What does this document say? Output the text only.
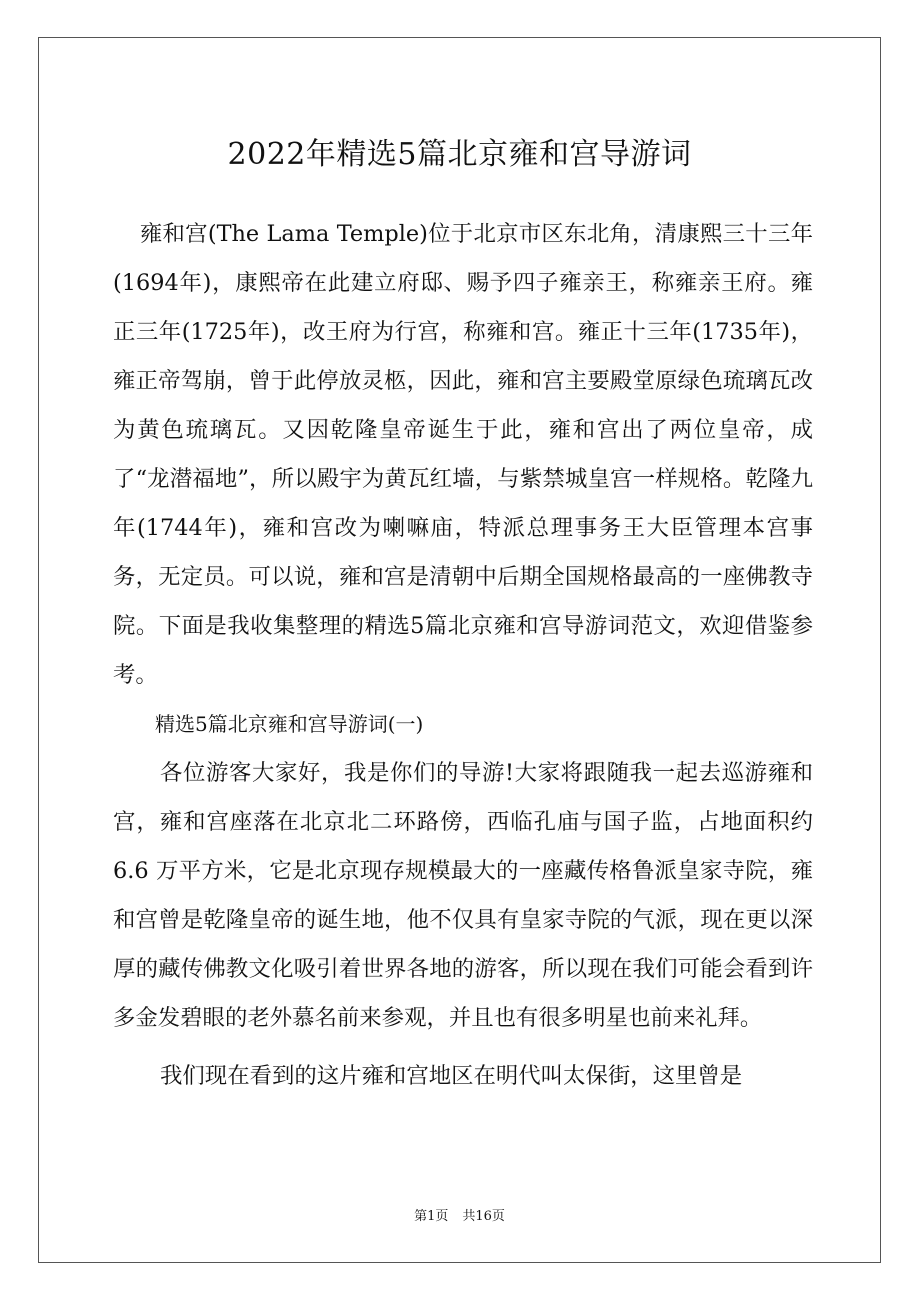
2022年精选5篇北京雍和宫导游词

雍和宫(The Lama Temple)位于北京市区东北角，清康熙三十三年(1694年)，康熙帝在此建立府邸、赐予四子雍亲王，称雍亲王府。雍正三年(1725年)，改王府为行宫，称雍和宫。雍正十三年(1735年)，雍正帝驾崩，曾于此停放灵柩，因此，雍和宫主要殿堂原绿色琉璃瓦改为黄色琉璃瓦。又因乾隆皇帝诞生于此，雍和宫出了两位皇帝，成了“龙潜福地”，所以殿宇为黄瓦红墙，与紫禁城皇宫一样规格。乾隆九年(1744年)，雍和宫改为喇嘛庙，特派总理事务王大臣管理本宫事务，无定员。可以说，雍和宫是清朝中后期全国规格最高的一座佛教寺院。下面是我收集整理的精选5篇北京雍和宫导游词范文，欢迎借鉴参考。

精选5篇北京雍和宫导游词(一)

各位游客大家好，我是你们的导游!大家将跟随我一起去巡游雍和宫，雍和宫座落在北京北二环路傍，西临孔庙与国子监，占地面积约6.6 万平方米，它是北京现存规模最大的一座藏传格鲁派皇家寺院，雍和宫曾是乾隆皇帝的诞生地，他不仅具有皇家寺院的气派，现在更以深厚的藏传佛教文化吸引着世界各地的游客，所以现在我们可能会看到许多金发碧眼的老外慕名前来参观，并且也有很多明星也前来礼拜。

我们现在看到的这片雍和宫地区在明代叫太保街，这里曾是

第1页 共16页
